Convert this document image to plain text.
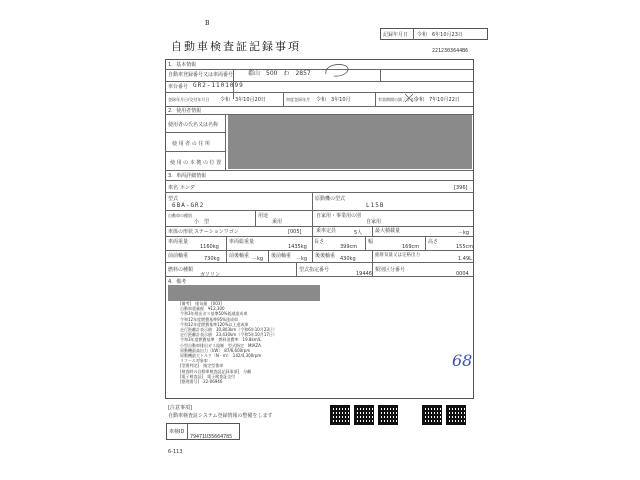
B
自動車検査証記録事項
記録年月日 令和　6年10月23日
2212303644B6
1．基本情報
自動車登録番号又は車両番号 郡山　500　わ　2857
車台番号 GR2-1101099
登録年月日/交付年月日 令和　3年10月20日	初度登録年月 令和　3年10月	有効期間の満了する日
令和　7年10月22日
2．使用者情報
使用者の氏名又は名称
使 用 者 の 住 所
使 用 の 本 拠 の 位 置
3．車両詳細情報
車名 ホンダ	[396]
型式
6BA-GR2
原動機の型式
L15B
自動車の種別
小　型
用途
乗用
自家用・事業用の別
自家用
車体の形状 ステーションワゴン	[005]	乗車定員	5人	最大積載量	－kg
車両重量
1160kg
車両総重量
1435kg
長さ
399cm
幅
169cm
高さ
155cm
前前軸重	730kg 前後軸重 －kg 後前軸重 －kg 後後軸重 430kg
総排気量又は定格出力
1.49L
燃料の種類
ガソリン
型式指定番号
19446
類別区分番号
0004
4．備考
[備考]　排気量　[003]
自動車重量税　¥12,300
令和3年排出ガス基準50%低減達成車
令和12年度燃費基準95%達成車
令和12年度燃費基準120%以上達成車
走行距離計表示値　30,803km（令和6年10月23日）
走行距離計表示値　23,430km（令和5年10月17日）
令和3年度燃費基準　燃料消費率　19.8km/L
小型自動車排出ガス規制　型式指定　MIAZA
原動機最高出力（kW）　87/6,600rpm
原動機最大トルク（N・m）　142/4,300rpm
リコール対象車
[型番判定]　指定型番車
[検査時の自動車検査証記録事項]　分離
[電子検査証]　電子検査証交付
[整理番号]　22-06946
68
[注意事項]
自動車検査証システム登録情報の整備をします
車検ID
79471U35664785
6-113
